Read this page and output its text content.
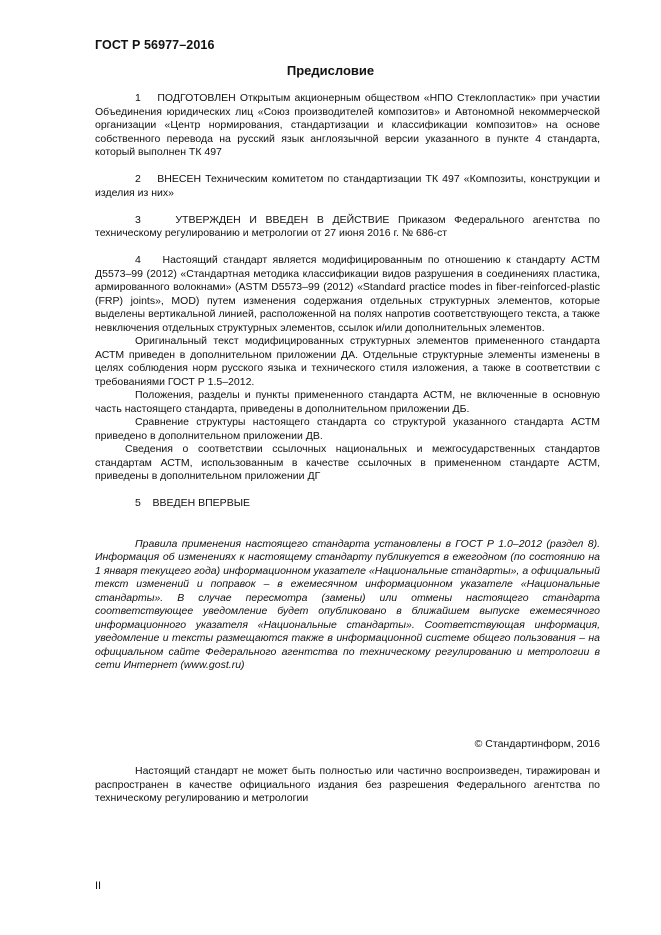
ГОСТ Р 56977–2016
Предисловие

1    ПОДГОТОВЛЕН Открытым акционерным обществом «НПО Стеклопластик» при участии Объединения юридических лиц «Союз производителей композитов» и Автономной некоммерческой организации «Центр нормирования, стандартизации и классификации композитов» на основе собственного перевода на русский язык англоязычной версии указанного в пункте 4 стандарта, который выполнен ТК 497

2    ВНЕСЕН Техническим комитетом по стандартизации ТК 497 «Композиты, конструкции и изделия из них»

3    УТВЕРЖДЕН И ВВЕДЕН В ДЕЙСТВИЕ Приказом Федерального агентства по техническому регулированию и метрологии от 27 июня 2016 г. № 686-ст

4    Настоящий стандарт является модифицированным по отношению к стандарту АСТМ Д5573–99 (2012) «Стандартная методика классификации видов разрушения в соединениях пластика, армированного волокнами» (ASTM D5573–99 (2012) «Standard practice modes in fiber-reinforced-plastic (FRP) joints», MOD) путем изменения содержания отдельных структурных элементов, которые выделены вертикальной линией, расположенной на полях напротив соответствующего текста, а также невключения отдельных структурных элементов, ссылок и/или дополнительных элементов.

Оригинальный текст модифицированных структурных элементов примененного стандарта АСТМ приведен в дополнительном приложении ДА. Отдельные структурные элементы изменены в целях соблюдения норм русского языка и технического стиля изложения, а также в соответствии с требованиями ГОСТ Р 1.5–2012.

Положения, разделы и пункты примененного стандарта АСТМ, не включенные в основную часть настоящего стандарта, приведены в дополнительном приложении ДБ.

Сравнение структуры настоящего стандарта со структурой указанного стандарта АСТМ приведено в дополнительном приложении ДВ.

Сведения о соответствии ссылочных национальных и межгосударственных стандартов стандартам АСТМ, использованным в качестве ссылочных в примененном стандарте АСТМ, приведены в дополнительном приложении ДГ

5    ВВЕДЕН ВПЕРВЫЕ

Правила применения настоящего стандарта установлены в ГОСТ Р 1.0–2012 (раздел 8). Информация об изменениях к настоящему стандарту публикуется в ежегодном (по состоянию на 1 января текущего года) информационном указателе «Национальные стандарты», а официальный текст изменений и поправок – в ежемесячном информационном указателе «Национальные стандарты». В случае пересмотра (замены) или отмены настоящего стандарта соответствующее уведомление будет опубликовано в ближайшем выпуске ежемесячного информационного указателя «Национальные стандарты». Соответствующая информация, уведомление и тексты размещаются также в информационной системе общего пользования – на официальном сайте Федерального агентства по техническому регулированию и метрологии в сети Интернет (www.gost.ru)

© Стандартинформ, 2016

Настоящий стандарт не может быть полностью или частично воспроизведен, тиражирован и распространен в качестве официального издания без разрешения Федерального агентства по техническому регулированию и метрологии

II
